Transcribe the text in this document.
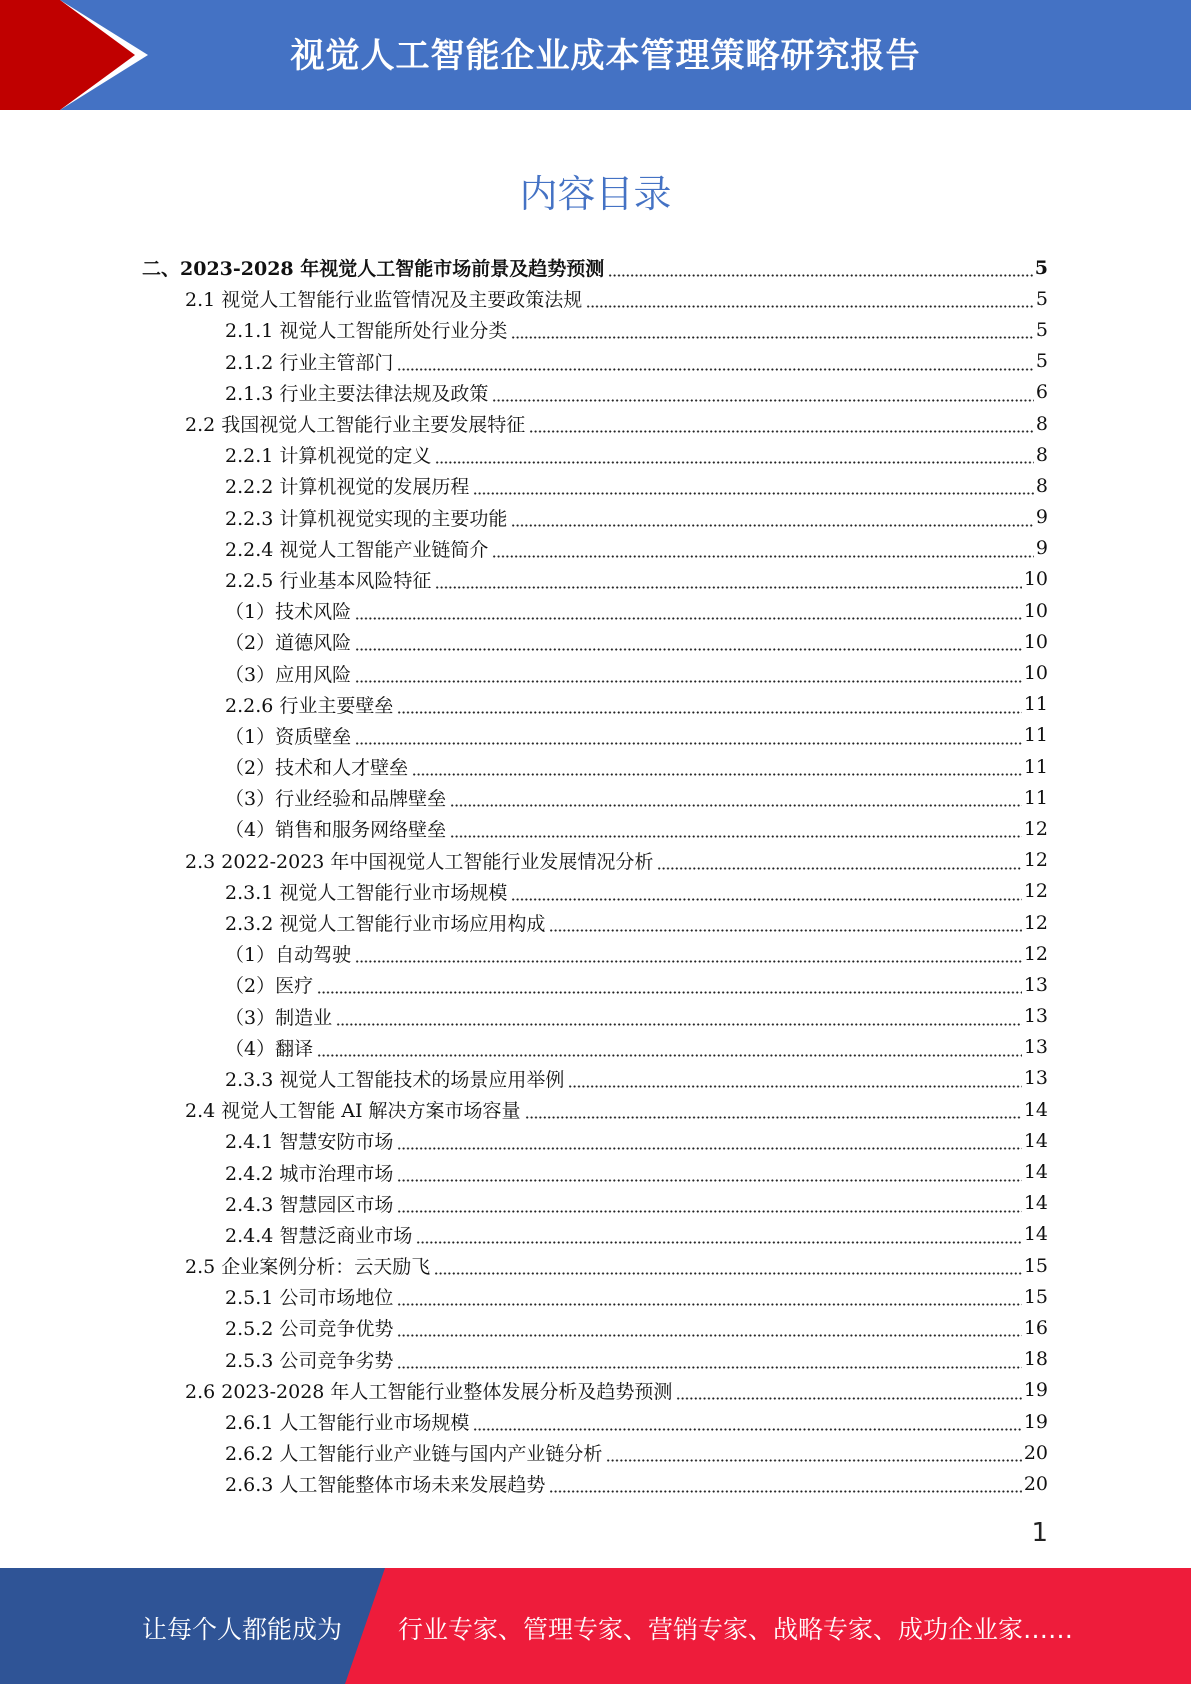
视觉人工智能企业成本管理策略研究报告
内容目录
二、2023-2028 年视觉人工智能市场前景及趋势预测	5
2.1 视觉人工智能行业监管情况及主要政策法规	5
2.1.1 视觉人工智能所处行业分类	5
2.1.2 行业主管部门	5
2.1.3 行业主要法律法规及政策	6
2.2 我国视觉人工智能行业主要发展特征	8
2.2.1 计算机视觉的定义	8
2.2.2 计算机视觉的发展历程	8
2.2.3 计算机视觉实现的主要功能	9
2.2.4 视觉人工智能产业链简介	9
2.2.5 行业基本风险特征	10
（1）技术风险	10
（2）道德风险	10
（3）应用风险	10
2.2.6 行业主要壁垒	11
（1）资质壁垒	11
（2）技术和人才壁垒	11
（3）行业经验和品牌壁垒	11
（4）销售和服务网络壁垒	12
2.3 2022-2023 年中国视觉人工智能行业发展情况分析	12
2.3.1 视觉人工智能行业市场规模	12
2.3.2 视觉人工智能行业市场应用构成	12
（1）自动驾驶	12
（2）医疗	13
（3）制造业	13
（4）翻译	13
2.3.3 视觉人工智能技术的场景应用举例	13
2.4 视觉人工智能 AI 解决方案市场容量	14
2.4.1 智慧安防市场	14
2.4.2 城市治理市场	14
2.4.3 智慧园区市场	14
2.4.4 智慧泛商业市场	14
2.5 企业案例分析：云天励飞	15
2.5.1 公司市场地位	15
2.5.2 公司竞争优势	16
2.5.3 公司竞争劣势	18
2.6 2023-2028 年人工智能行业整体发展分析及趋势预测	19
2.6.1 人工智能行业市场规模	19
2.6.2 人工智能行业产业链与国内产业链分析	20
2.6.3 人工智能整体市场未来发展趋势	20
1
让每个人都能成为 行业专家、管理专家、营销专家、战略专家、成功企业家……
